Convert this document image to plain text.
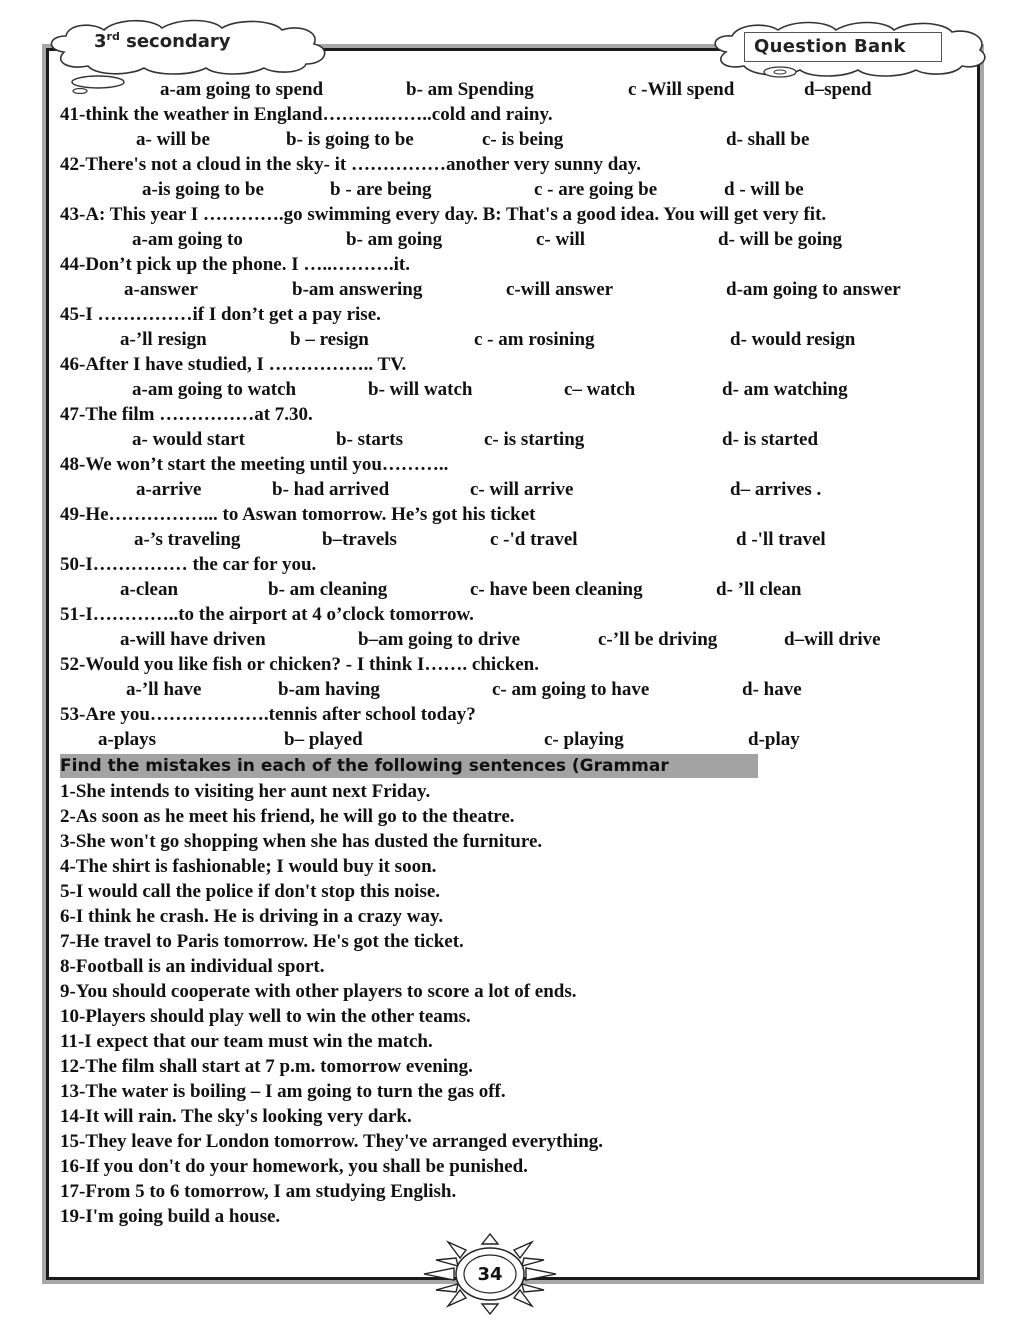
3rd secondary	Question Bank
a-am going to spend	b- am Spending	c -Will spend	d–spend
41-think the weather in England……….……..cold and rainy.
a- will be	b- is going to be	c- is being	d- shall be
42-There's not a cloud in the sky- it ……………another very sunny day.
a-is going to be	b - are being	c - are going be	d - will be
43-A: This year I ………….go swimming every day. B: That's a good idea. You will get very fit.
a-am going to	b- am going	c- will	d- will be going
44-Don’t pick up the phone. I …..……….it.
a-answer	b-am answering	c-will answer	d-am going to answer
45-I ……………if I don’t get a pay rise.
a-’ll resign	b – resign	c - am rosining	d- would resign
46-After I have studied, I …………….. TV.
a-am going to watch	b- will watch	c– watch	d- am watching
47-The film ……………at 7.30.
a- would start	b- starts	c- is starting	d- is started
48-We won’t start the meeting until you………..
a-arrive	b- had arrived	c- will arrive	d– arrives .
49-He……………... to Aswan tomorrow. He’s got his ticket
a-’s traveling	b–travels	c -'d travel	d -'ll travel
50-I…………… the car for you.
a-clean	b- am cleaning	c- have been cleaning	d- ’ll clean
51-I…………..to the airport at 4 o’clock tomorrow.
a-will have driven	b–am going to drive	c-’ll be driving	d–will drive
52-Would you like fish or chicken? - I think I……. chicken.
a-’ll have	b-am having	c- am going to have	d- have
53-Are you……………….tennis after school today?
a-plays	b– played	c- playing	d-play
Find the mistakes in each of the following sentences (Grammar
1-She intends to visiting her aunt next Friday.
2-As soon as he meet his friend, he will go to the theatre.
3-She won't go shopping when she has dusted the furniture.
4-The shirt is fashionable; I would buy it soon.
5-I would call the police if don't stop this noise.
6-I think he crash. He is driving in a crazy way.
7-He travel to Paris tomorrow. He's got the ticket.
8-Football is an individual sport.
9-You should cooperate with other players to score a lot of ends.
10-Players should play well to win the other teams.
11-I expect that our team must win the match.
12-The film shall start at 7 p.m. tomorrow evening.
13-The water is boiling – I am going to turn the gas off.
14-It will rain. The sky's looking very dark.
15-They leave for London tomorrow. They've arranged everything.
16-If you don't do your homework, you shall be punished.
17-From 5 to 6 tomorrow, I am studying English.
19-I'm going build a house.
34
